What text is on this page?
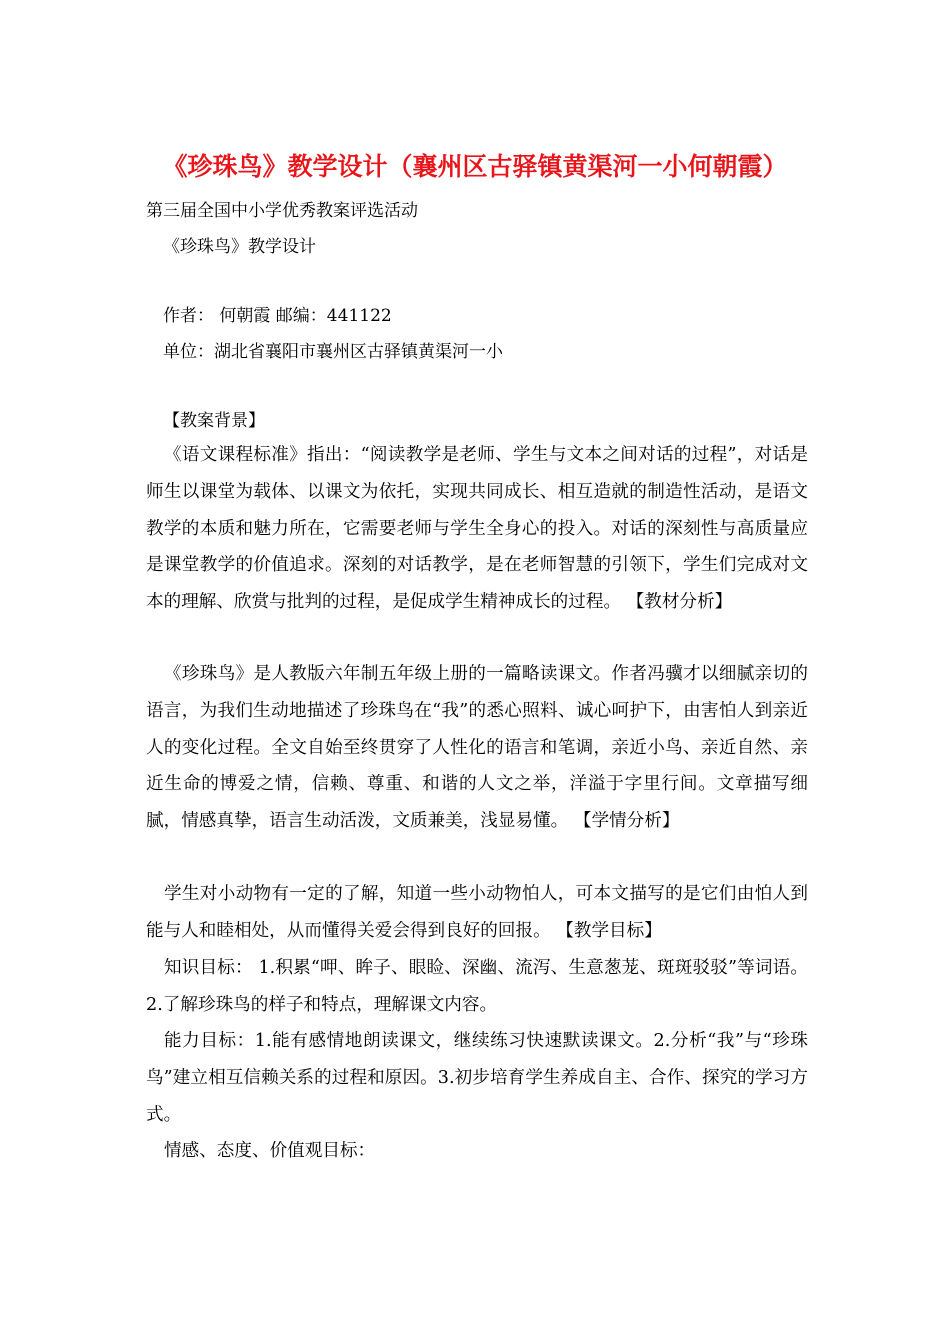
《珍珠鸟》教学设计（襄州区古驿镇黄渠河一小何朝霞）
第三届全国中小学优秀教案评选活动
《珍珠鸟》教学设计
作者： 何朝霞 邮编：441122
单位：湖北省襄阳市襄州区古驿镇黄渠河一小
【教案背景】
《语文课程标准》指出：“阅读教学是老师、学生与文本之间对话的过程”，对话是师生以课堂为载体、以课文为依托，实现共同成长、相互造就的制造性活动，是语文教学的本质和魅力所在，它需要老师与学生全身心的投入。对话的深刻性与高质量应是课堂教学的价值追求。深刻的对话教学，是在老师智慧的引领下，学生们完成对文本的理解、欣赏与批判的过程，是促成学生精神成长的过程。 【教材分析】
《珍珠鸟》是人教版六年制五年级上册的一篇略读课文。作者冯骥才以细腻亲切的语言，为我们生动地描述了珍珠鸟在“我”的悉心照料、诚心呵护下，由害怕人到亲近人的变化过程。全文自始至终贯穿了人性化的语言和笔调，亲近小鸟、亲近自然、亲近生命的博爱之情，信赖、尊重、和谐的人文之举，洋溢于字里行间。文章描写细腻，情感真挚，语言生动活泼，文质兼美，浅显易懂。 【学情分析】
学生对小动物有一定的了解，知道一些小动物怕人，可本文描写的是它们由怕人到能与人和睦相处，从而懂得关爱会得到良好的回报。 【教学目标】
知识目标： 1.积累“呷、眸子、眼睑、深幽、流泻、生意葱茏、斑斑驳驳”等词语。2.了解珍珠鸟的样子和特点，理解课文内容。
能力目标：1.能有感情地朗读课文，继续练习快速默读课文。2.分析“我”与“珍珠鸟”建立相互信赖关系的过程和原因。3.初步培育学生养成自主、合作、探究的学习方式。
情感、态度、价值观目标：
